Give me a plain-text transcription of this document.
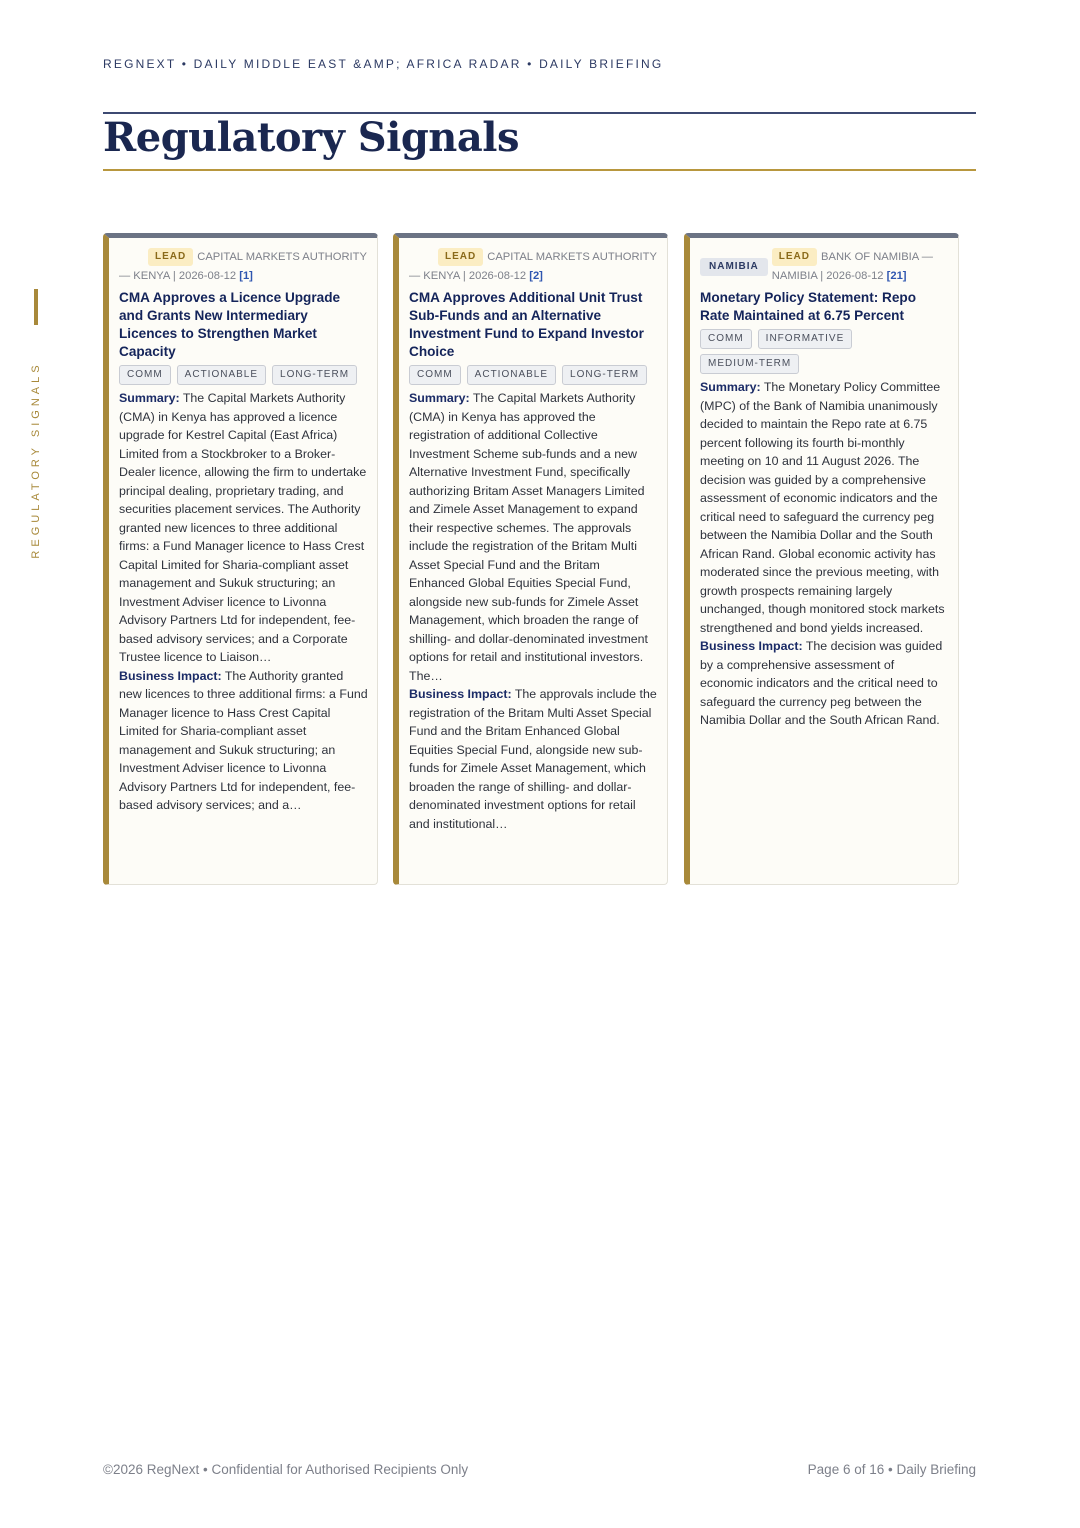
REGNEXT • DAILY MIDDLE EAST &AMP; AFRICA RADAR • DAILY BRIEFING
Regulatory Signals
REGULATORY SIGNALS
LEAD CAPITAL MARKETS AUTHORITY — KENYA | 2026-08-12 [1]
CMA Approves a Licence Upgrade and Grants New Intermediary Licences to Strengthen Market Capacity
COMM ACTIONABLE LONG-TERM

Summary: The Capital Markets Authority (CMA) in Kenya has approved a licence upgrade for Kestrel Capital (East Africa) Limited from a Stockbroker to a Broker-Dealer licence, allowing the firm to undertake principal dealing, proprietary trading, and securities placement services. The Authority granted new licences to three additional firms: a Fund Manager licence to Hass Crest Capital Limited for Sharia-compliant asset management and Sukuk structuring; an Investment Adviser licence to Livonna Advisory Partners Ltd for independent, fee-based advisory services; and a Corporate Trustee licence to Liaison…

Business Impact: The Authority granted new licences to three additional firms: a Fund Manager licence to Hass Crest Capital Limited for Sharia-compliant asset management and Sukuk structuring; an Investment Adviser licence to Livonna Advisory Partners Ltd for independent, fee-based advisory services; and a…

LEAD CAPITAL MARKETS AUTHORITY — KENYA | 2026-08-12 [2]
CMA Approves Additional Unit Trust Sub-Funds and an Alternative Investment Fund to Expand Investor Choice
COMM ACTIONABLE LONG-TERM

Summary: The Capital Markets Authority (CMA) in Kenya has approved the registration of additional Collective Investment Scheme sub-funds and a new Alternative Investment Fund, specifically authorizing Britam Asset Managers Limited and Zimele Asset Management to expand their respective schemes. The approvals include the registration of the Britam Multi Asset Special Fund and the Britam Enhanced Global Equities Special Fund, alongside new sub-funds for Zimele Asset Management, which broaden the range of shilling- and dollar-denominated investment options for retail and institutional investors. The…

Business Impact: The approvals include the registration of the Britam Multi Asset Special Fund and the Britam Enhanced Global Equities Special Fund, alongside new sub-funds for Zimele Asset Management, which broaden the range of shilling- and dollar-denominated investment options for retail and institutional…

NAMIBIA
LEAD BANK OF NAMIBIA — NAMIBIA | 2026-08-12 [21]
Monetary Policy Statement: Repo Rate Maintained at 6.75 Percent
COMM INFORMATIVEMEDIUM-TERM

Summary: The Monetary Policy Committee (MPC) of the Bank of Namibia unanimously decided to maintain the Repo rate at 6.75 percent following its fourth bi-monthly meeting on 10 and 11 August 2026. The decision was guided by a comprehensive assessment of economic indicators and the critical need to safeguard the currency peg between the Namibia Dollar and the South African Rand. Global economic activity has moderated since the previous meeting, with growth prospects remaining largely unchanged, though monitored stock markets strengthened and bond yields increased.

Business Impact: The decision was guided by a comprehensive assessment of economic indicators and the critical need to safeguard the currency peg between the Namibia Dollar and the South African Rand.

©2026 RegNext • Confidential for Authorised Recipients Only	Page 6 of 16 • Daily Briefing
